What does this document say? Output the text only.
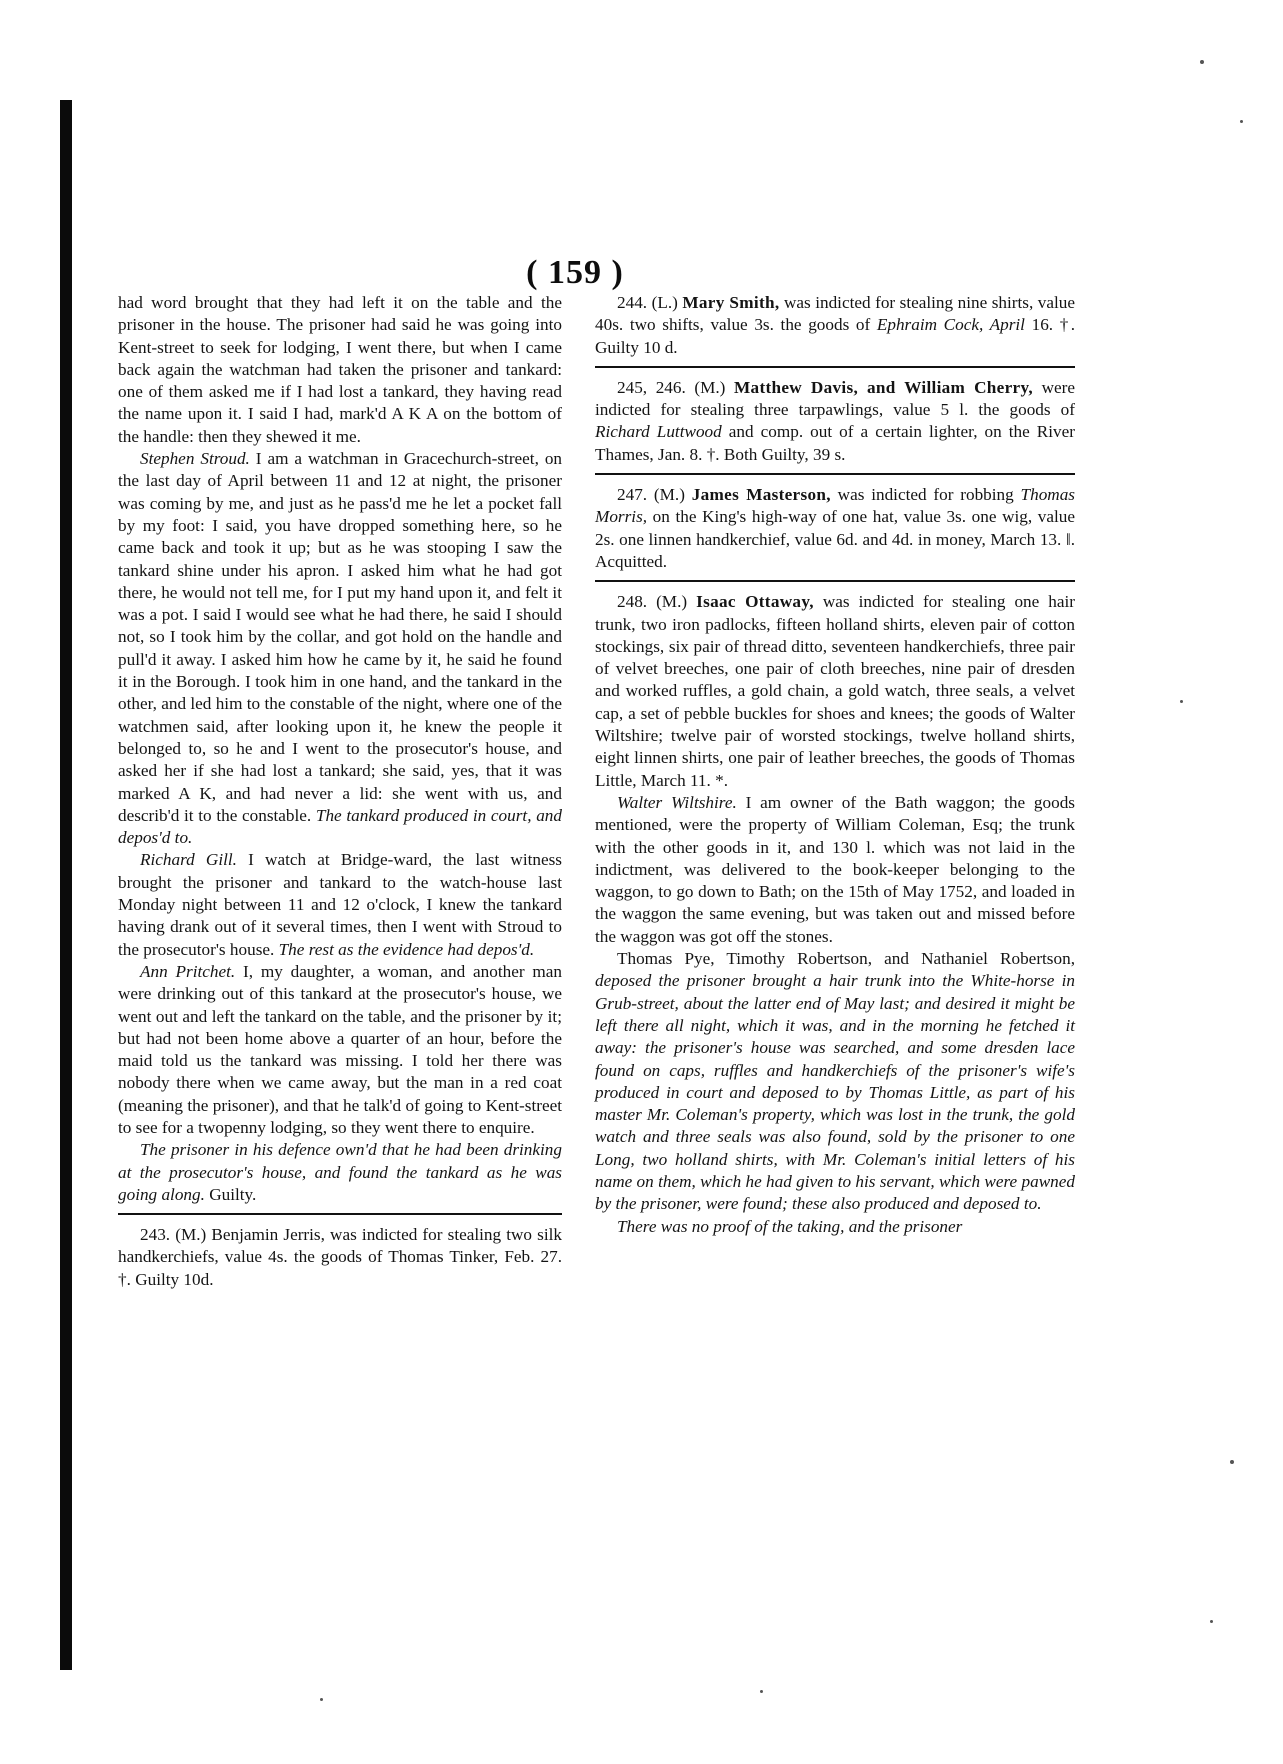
( 159 )

had word brought that they had left it on the table and the prisoner in the house. The prisoner had said he was going into Kent-street to seek for lodging, I went there, but when I came back again the watchman had taken the prisoner and tankard: one of them asked me if I had lost a tankard, they having read the name upon it. I said I had, mark'd A K A on the bottom of the handle: then they shewed it me.

Stephen Stroud. I am a watchman in Gracechurch-street, on the last day of April between 11 and 12 at night, the prisoner was coming by me, and just as he pass'd me he let a pocket fall by my foot: I said, you have dropped something here, so he came back and took it up; but as he was stooping I saw the tankard shine under his apron. I asked him what he had got there, he would not tell me, for I put my hand upon it, and felt it was a pot. I said I would see what he had there, he said I should not, so I took him by the collar, and got hold on the handle and pull'd it away. I asked him how he came by it, he said he found it in the Borough. I took him in one hand, and the tankard in the other, and led him to the constable of the night, where one of the watchmen said, after looking upon it, he knew the people it belonged to, so he and I went to the prosecutor's house, and asked her if she had lost a tankard; she said, yes, that it was marked A K, and had never a lid: she went with us, and describ'd it to the constable. The tankard produced in court, and depos'd to.

Richard Gill. I watch at Bridge-ward, the last witness brought the prisoner and tankard to the watch-house last Monday night between 11 and 12 o'clock, I knew the tankard having drank out of it several times, then I went with Stroud to the prosecutor's house. The rest as the evidence had depos'd.

Ann Pritchet. I, my daughter, a woman, and another man were drinking out of this tankard at the prosecutor's house, we went out and left the tankard on the table, and the prisoner by it; but had not been home above a quarter of an hour, before the maid told us the tankard was missing. I told her there was nobody there when we came away, but the man in a red coat (meaning the prisoner), and that he talk'd of going to Kent-street to see for a twopenny lodging, so they went there to enquire.

The prisoner in his defence own'd that he had been drinking at the prosecutor's house, and found the tankard as he was going along. Guilty.

243. (M.) Benjamin Jerris, was indicted for stealing two silk handkerchiefs, value 4s. the goods of Thomas Tinker, Feb. 27. †. Guilty 10d.

244. (L.) Mary Smith, was indicted for stealing nine shirts, value 40s. two shifts, value 3s. the goods of Ephraim Cock, April 16. †. Guilty 10 d.

245, 246. (M.) Matthew Davis, and William Cherry, were indicted for stealing three tarpawlings, value 5 l. the goods of Richard Luttwood and comp. out of a certain lighter, on the River Thames, Jan. 8. †. Both Guilty, 39 s.

247. (M.) James Masterson, was indicted for robbing Thomas Morris, on the King's high-way of one hat, value 3s. one wig, value 2s. one linnen handkerchief, value 6d. and 4d. in money, March 13. ‖. Acquitted.

248. (M.) Isaac Ottaway, was indicted for stealing one hair trunk, two iron padlocks, fifteen holland shirts, eleven pair of cotton stockings, six pair of thread ditto, seventeen handkerchiefs, three pair of velvet breeches, one pair of cloth breeches, nine pair of dresden and worked ruffles, a gold chain, a gold watch, three seals, a velvet cap, a set of pebble buckles for shoes and knees; the goods of Walter Wiltshire; twelve pair of worsted stockings, twelve holland shirts, eight linnen shirts, one pair of leather breeches, the goods of Thomas Little, March 11. *.

Walter Wiltshire. I am owner of the Bath waggon; the goods mentioned, were the property of William Coleman, Esq; the trunk with the other goods in it, and 130 l. which was not laid in the indictment, was delivered to the book-keeper belonging to the waggon, to go down to Bath; on the 15th of May 1752, and loaded in the waggon the same evening, but was taken out and missed before the waggon was got off the stones.

Thomas Pye, Timothy Robertson, and Nathaniel Robertson, deposed the prisoner brought a hair trunk into the White-horse in Grub-street, about the latter end of May last; and desired it might be left there all night, which it was, and in the morning he fetched it away: the prisoner's house was searched, and some dresden lace found on caps, ruffles and handkerchiefs of the prisoner's wife's produced in court and deposed to by Thomas Little, as part of his master Mr. Coleman's property, which was lost in the trunk, the gold watch and three seals was also found, sold by the prisoner to one Long, two holland shirts, with Mr. Coleman's initial letters of his name on them, which he had given to his servant, which were pawned by the prisoner, were found; these also produced and deposed to.

There was no proof of the taking, and the prisoner
